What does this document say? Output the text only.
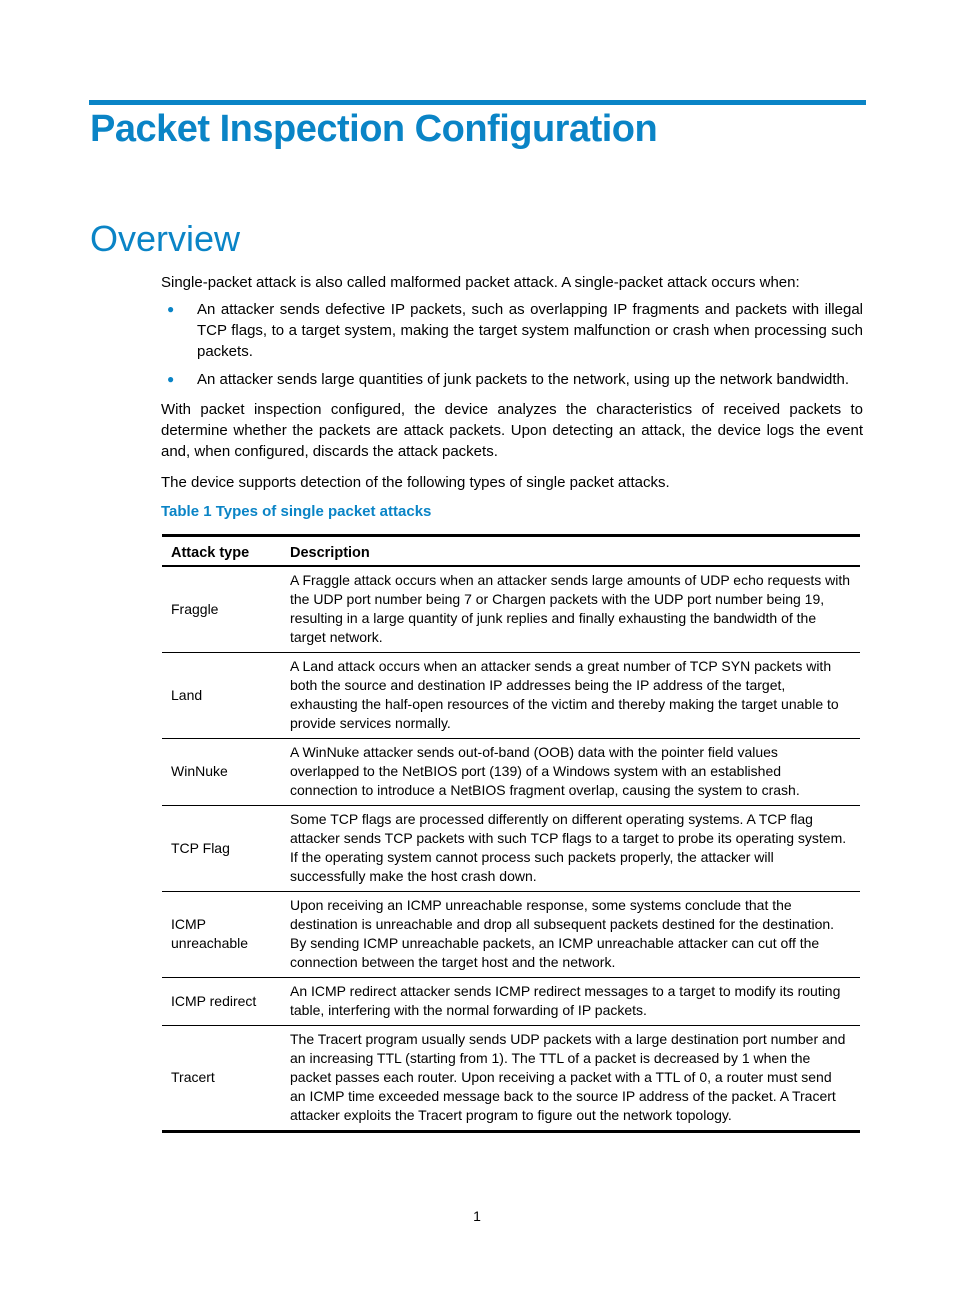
Packet Inspection Configuration
Overview

Single-packet attack is also called malformed packet attack. A single-packet attack occurs when:

● An attacker sends defective IP packets, such as overlapping IP fragments and packets with illegal TCP flags, to a target system, making the target system malfunction or crash when processing such packets.
● An attacker sends large quantities of junk packets to the network, using up the network bandwidth.

With packet inspection configured, the device analyzes the characteristics of received packets to determine whether the packets are attack packets. Upon detecting an attack, the device logs the event and, when configured, discards the attack packets.

The device supports detection of the following types of single packet attacks.

Table 1 Types of single packet attacks

Attack type	Description
Fraggle	A Fraggle attack occurs when an attacker sends large amounts of UDP echo requests with the UDP port number being 7 or Chargen packets with the UDP port number being 19, resulting in a large quantity of junk replies and finally exhausting the bandwidth of the target network.
Land	A Land attack occurs when an attacker sends a great number of TCP SYN packets with both the source and destination IP addresses being the IP address of the target, exhausting the half-open resources of the victim and thereby making the target unable to provide services normally.
WinNuke	A WinNuke attacker sends out-of-band (OOB) data with the pointer field values overlapped to the NetBIOS port (139) of a Windows system with an established connection to introduce a NetBIOS fragment overlap, causing the system to crash.
TCP Flag	Some TCP flags are processed differently on different operating systems. A TCP flag attacker sends TCP packets with such TCP flags to a target to probe its operating system. If the operating system cannot process such packets properly, the attacker will successfully make the host crash down.
ICMP unreachable	Upon receiving an ICMP unreachable response, some systems conclude that the destination is unreachable and drop all subsequent packets destined for the destination. By sending ICMP unreachable packets, an ICMP unreachable attacker can cut off the connection between the target host and the network.
ICMP redirect	An ICMP redirect attacker sends ICMP redirect messages to a target to modify its routing table, interfering with the normal forwarding of IP packets.
Tracert	The Tracert program usually sends UDP packets with a large destination port number and an increasing TTL (starting from 1). The TTL of a packet is decreased by 1 when the packet passes each router. Upon receiving a packet with a TTL of 0, a router must send an ICMP time exceeded message back to the source IP address of the packet. A Tracert attacker exploits the Tracert program to figure out the network topology.
1
